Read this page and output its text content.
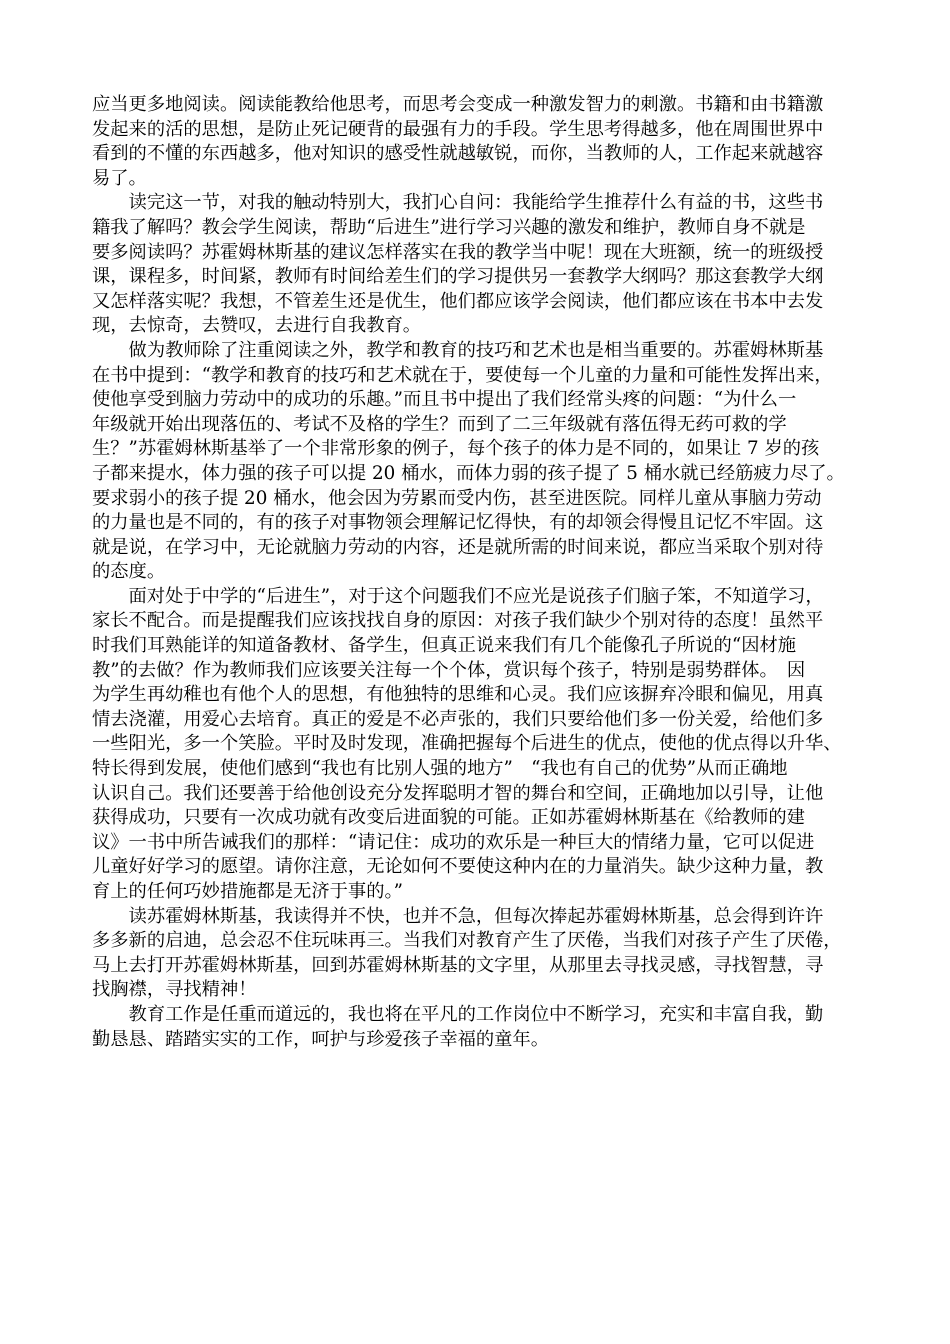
应当更多地阅读。阅读能教给他思考，而思考会变成一种激发智力的刺激。书籍和由书籍激
发起来的活的思想，是防止死记硬背的最强有力的手段。学生思考得越多，他在周围世界中
看到的不懂的东西越多，他对知识的感受性就越敏锐，而你，当教师的人，工作起来就越容
易了。
　　读完这一节，对我的触动特别大，我扪心自问：我能给学生推荐什么有益的书，这些书
籍我了解吗？教会学生阅读，帮助“后进生”进行学习兴趣的激发和维护，教师自身不就是
要多阅读吗？苏霍姆林斯基的建议怎样落实在我的教学当中呢！现在大班额，统一的班级授
课，课程多，时间紧，教师有时间给差生们的学习提供另一套教学大纲吗？那这套教学大纲
又怎样落实呢？我想，不管差生还是优生，他们都应该学会阅读，他们都应该在书本中去发
现，去惊奇，去赞叹，去进行自我教育。
　　做为教师除了注重阅读之外，教学和教育的技巧和艺术也是相当重要的。苏霍姆林斯基
在书中提到：“教学和教育的技巧和艺术就在于，要使每一个儿童的力量和可能性发挥出来，
使他享受到脑力劳动中的成功的乐趣。”而且书中提出了我们经常头疼的问题：“为什么一
年级就开始出现落伍的、考试不及格的学生？而到了二三年级就有落伍得无药可救的学
生？”苏霍姆林斯基举了一个非常形象的例子，每个孩子的体力是不同的，如果让 7 岁的孩
子都来提水，体力强的孩子可以提 20 桶水，而体力弱的孩子提了 5 桶水就已经筋疲力尽了。
要求弱小的孩子提 20 桶水，他会因为劳累而受内伤，甚至进医院。同样儿童从事脑力劳动
的力量也是不同的，有的孩子对事物领会理解记忆得快，有的却领会得慢且记忆不牢固。这
就是说，在学习中，无论就脑力劳动的内容，还是就所需的时间来说，都应当采取个别对待
的态度。
　　面对处于中学的“后进生”，对于这个问题我们不应光是说孩子们脑子笨，不知道学习，
家长不配合。而是提醒我们应该找找自身的原因：对孩子我们缺少个别对待的态度！虽然平
时我们耳熟能详的知道备教材、备学生，但真正说来我们有几个能像孔子所说的“因材施
教”的去做？作为教师我们应该要关注每一个个体，赏识每个孩子，特别是弱势群体。　因
为学生再幼稚也有他个人的思想，有他独特的思维和心灵。我们应该摒弃冷眼和偏见，用真
情去浇灌，用爱心去培育。真正的爱是不必声张的，我们只要给他们多一份关爱，给他们多
一些阳光，多一个笑脸。平时及时发现，准确把握每个后进生的优点，使他的优点得以升华、
特长得到发展，使他们感到“我也有比别人强的地方”　“我也有自己的优势”从而正确地
认识自己。我们还要善于给他创设充分发挥聪明才智的舞台和空间，正确地加以引导，让他
获得成功，只要有一次成功就有改变后进面貌的可能。正如苏霍姆林斯基在《给教师的建
议》一书中所告诫我们的那样：“请记住：成功的欢乐是一种巨大的情绪力量，它可以促进
儿童好好学习的愿望。请你注意，无论如何不要使这种内在的力量消失。缺少这种力量，教
育上的任何巧妙措施都是无济于事的。”
　　读苏霍姆林斯基，我读得并不快，也并不急，但每次捧起苏霍姆林斯基，总会得到许许
多多新的启迪，总会忍不住玩味再三。当我们对教育产生了厌倦，当我们对孩子产生了厌倦，
马上去打开苏霍姆林斯基，回到苏霍姆林斯基的文字里，从那里去寻找灵感，寻找智慧，寻
找胸襟，寻找精神！
　　教育工作是任重而道远的，我也将在平凡的工作岗位中不断学习，充实和丰富自我，勤
勤恳恳、踏踏实实的工作，呵护与珍爱孩子幸福的童年。
